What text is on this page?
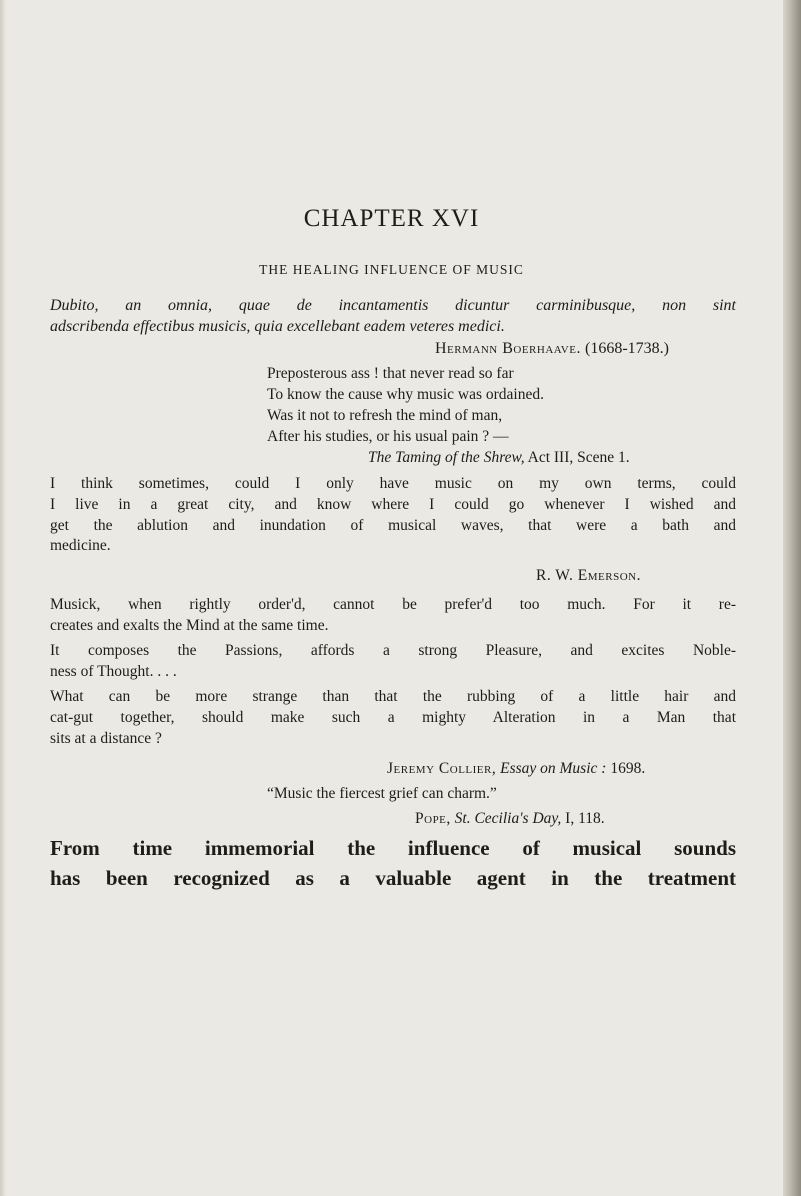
CHAPTER XVI
THE HEALING INFLUENCE OF MUSIC
Dubito, an omnia, quae de incantamentis dicuntur carminibusque, non sint
adscribenda effectibus musicis, quia excellebant eadem veteres medici.
Hermann Boerhaave. (1668-1738.)
Preposterous ass ! that never read so far
To know the cause why music was ordained.
Was it not to refresh the mind of man,
After his studies, or his usual pain ? —
The Taming of the Shrew, Act III, Scene 1.
I think sometimes, could I only have music on my own terms, could
I live in a great city, and know where I could go whenever I wished and
get the ablution and inundation of musical waves, that were a bath and
medicine.
R. W. Emerson.
Musick, when rightly order'd, cannot be prefer'd too much. For it re-
creates and exalts the Mind at the same time.
It composes the Passions, affords a strong Pleasure, and excites Noble-
ness of Thought. . . .
What can be more strange than that the rubbing of a little hair and
cat-gut together, should make such a mighty Alteration in a Man that
sits at a distance ?
Jeremy Collier, Essay on Music : 1698.
“Music the fiercest grief can charm.”
Pope, St. Cecilia's Day, I, 118.
From time immemorial the influence of musical sounds
has been recognized as a valuable agent in the treatment
